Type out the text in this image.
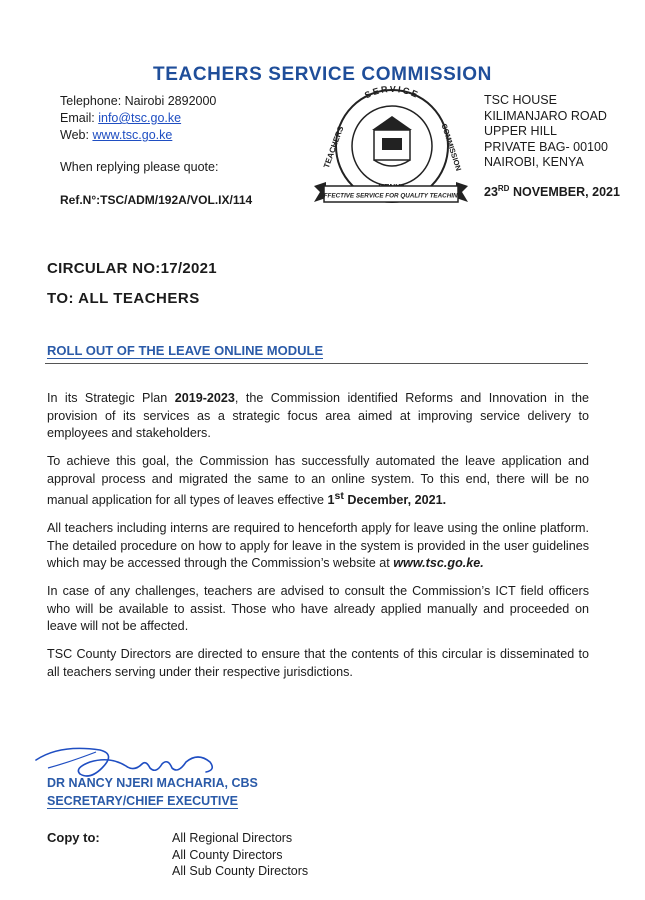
TEACHERS SERVICE COMMISSION
Telephone: Nairobi 2892000
Email: info@tsc.go.ke
Web: www.tsc.go.ke
When replying please quote:
Ref.N°:TSC/ADM/192A/VOL.IX/114
SERVICE
TEACHERS	COMMISSION
EFFECTIVE SERVICE FOR QUALITY TEACHING
TSC HOUSE
KILIMANJARO ROAD
UPPER HILL
PRIVATE BAG- 00100
NAIROBI, KENYA
23RD NOVEMBER, 2021
CIRCULAR NO:17/2021
TO: ALL TEACHERS
ROLL OUT OF THE LEAVE ONLINE MODULE

In its Strategic Plan 2019-2023, the Commission identified Reforms and Innovation in the provision of its services as a strategic focus area aimed at improving service delivery to employees and stakeholders.

To achieve this goal, the Commission has successfully automated the leave application and approval process and migrated the same to an online system. To this end, there will be no manual application for all types of leaves effective 1st December, 2021.

All teachers including interns are required to henceforth apply for leave using the online platform. The detailed procedure on how to apply for leave in the system is provided in the user guidelines which may be accessed through the Commission’s website at www.tsc.go.ke.

In case of any challenges, teachers are advised to consult the Commission’s ICT field officers who will be available to assist. Those who have already applied manually and proceeded on leave will not be affected.

TSC County Directors are directed to ensure that the contents of this circular is disseminated to all teachers serving under their respective jurisdictions.

DR NANCY NJERI MACHARIA, CBS
SECRETARY/CHIEF EXECUTIVE
Copy to:	All Regional Directors
All County Directors
All Sub County Directors
